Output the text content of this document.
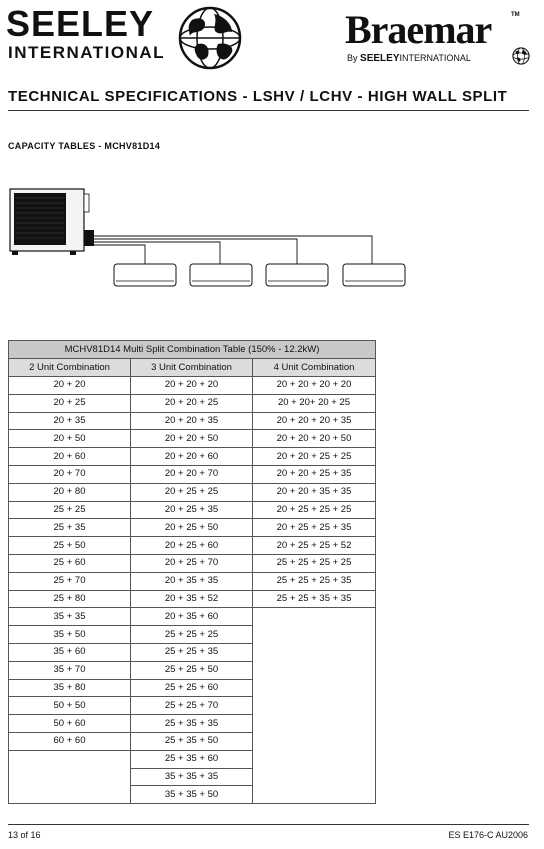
SEELEY
INTERNATIONAL
Braemar	TM
By SEELEYINTERNATIONAL
TECHNICAL SPECIFICATIONS - LSHV / LCHV - HIGH WALL SPLIT
CAPACITY TABLES - MCHV81D14
MCHV81D14 Multi Split Combination Table (150% - 12.2kW)		
2 Unit Combination	3 Unit Combination	4 Unit Combination
20 + 20	20 + 20 + 20	20 + 20 + 20 + 20
20 + 25	20 + 20 + 25	20 + 20+ 20 + 25
20 + 35	20 + 20 + 35	20 + 20 + 20 + 35
20 + 50	20 + 20 + 50	20 + 20 + 20 + 50
20 + 60	20 + 20 + 60	20 + 20 + 25 + 25
20 + 70	20 + 20 + 70	20 + 20 + 25 + 35
20 + 80	20 + 25 + 25	20 + 20 + 35 + 35
25 + 25	20 + 25 + 35	20 + 25 + 25 + 25
25 + 35	20 + 25 + 50	20 + 25 + 25 + 35
25 + 50	20 + 25 + 60	20 + 25 + 25 + 52
25 + 60	20 + 25 + 70	25 + 25 + 25 + 25
25 + 70	20 + 35 + 35	25 + 25 + 25 + 35
25 + 80	20 + 35 + 52	25 + 25 + 35 + 35
35 + 35	20 + 35 + 60	
35 + 50	25 + 25 + 25	
35 + 60	25 + 25 + 35	
35 + 70	25 + 25 + 50	
35 + 80	25 + 25 + 60	
50 + 50	25 + 25 + 70	
50 + 60	25 + 35 + 35	
60 + 60	25 + 35 + 50	
	25 + 35 + 60	
	35 + 35 + 35	
	35 + 35 + 50	
13 of 16	ES E176-C AU2006
